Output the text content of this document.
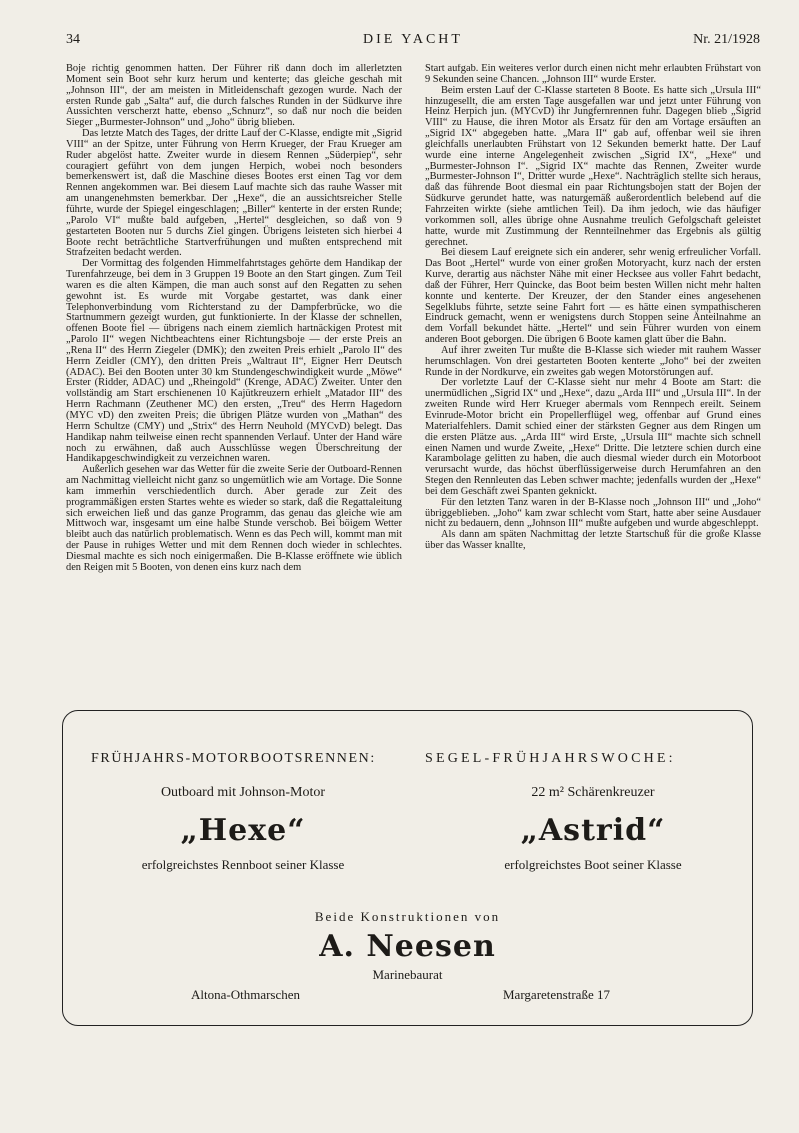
34	DIE YACHT	Nr. 21/1928

Boje richtig genommen hatten. Der Führer riß dann doch im allerletzten Moment sein Boot sehr kurz herum und kenterte; das gleiche geschah mit „Johnson III“, der am meisten in Mitleidenschaft gezogen wurde. Nach der ersten Runde gab „Salta“ auf, die durch falsches Runden in der Südkurve ihre Aussichten verscherzt hatte, ebenso „Schnurz“, so daß nur noch die beiden Sieger „Burmester-Johnson“ und „Joho“ übrig blieben.

Das letzte Match des Tages, der dritte Lauf der C-Klasse, endigte mit „Sigrid VIII“ an der Spitze, unter Führung von Herrn Krueger, der Frau Krueger am Ruder abgelöst hatte. Zweiter wurde in diesem Rennen „Süderpiep“, sehr couragiert geführt von dem jungen Herpich, wobei noch besonders bemerkenswert ist, daß die Maschine dieses Bootes erst einen Tag vor dem Rennen angekommen war. Bei diesem Lauf machte sich das rauhe Wasser mit am unangenehmsten bemerkbar. Der „Hexe“, die an aussichtsreicher Stelle führte, wurde der Spiegel eingeschlagen; „Biller“ kenterte in der ersten Runde; „Parolo VI“ mußte bald aufgeben, „Hertel“ desgleichen, so daß von 9 gestarteten Booten nur 5 durchs Ziel gingen. Übrigens leisteten sich hierbei 4 Boote recht beträchtliche Startverfrühungen und mußten entsprechend mit Strafzeiten bedacht werden.

Der Vormittag des folgenden Himmelfahrtstages gehörte dem Handikap der Turenfahrzeuge, bei dem in 3 Gruppen 19 Boote an den Start gingen. Zum Teil waren es die alten Kämpen, die man auch sonst auf den Regatten zu sehen gewohnt ist. Es wurde mit Vorgabe gestartet, was dank einer Telephonverbindung vom Richterstand zu der Dampferbrücke, wo die Startnummern gezeigt wurden, gut funktionierte. In der Klasse der schnellen, offenen Boote fiel — übrigens nach einem ziemlich hartnäckigen Protest mit „Parolo II“ wegen Nichtbeachtens einer Richtungsboje — der erste Preis an „Rena II“ des Herrn Ziegeler (DMK); den zweiten Preis erhielt „Parolo II“ des Herrn Zeidler (CMY), den dritten Preis „Waltraut II“, Eigner Herr Deutsch (ADAC). Bei den Booten unter 30 km Stundengeschwindigkeit wurde „Möwe“ Erster (Ridder, ADAC) und „Rheingold“ (Krenge, ADAC) Zweiter. Unter den vollständig am Start erschienenen 10 Kajütkreuzern erhielt „Matador III“ des Herrn Rachmann (Zeuthener MC) den ersten, „Treu“ des Herrn Hagedorn (MYC vD) den zweiten Preis; die übrigen Plätze wurden von „Mathan“ des Herrn Schultze (CMY) und „Strix“ des Herrn Neuhold (MYCvD) belegt. Das Handikap nahm teilweise einen recht spannenden Verlauf. Unter der Hand wäre noch zu erwähnen, daß auch Ausschlüsse wegen Überschreitung der Handikapgeschwindigkeit zu verzeichnen waren.

Außerlich gesehen war das Wetter für die zweite Serie der Outboard-Rennen am Nachmittag vielleicht nicht ganz so ungemütlich wie am Vortage. Die Sonne kam immerhin verschiedentlich durch. Aber gerade zur Zeit des programmäßigen ersten Startes wehte es wieder so stark, daß die Regattaleitung sich erweichen ließ und das ganze Programm, das genau das gleiche wie am Mittwoch war, insgesamt um eine halbe Stunde verschob. Bei böigem Wetter bleibt auch das natürlich problematisch. Wenn es das Pech will, kommt man mit der Pause in ruhiges Wetter und mit dem Rennen doch wieder in schlechtes. Diesmal machte es sich noch einigermaßen. Die B-Klasse eröffnete wie üblich den Reigen mit 5 Booten, von denen eins kurz nach dem

Start aufgab. Ein weiteres verlor durch einen nicht mehr erlaubten Frühstart von 9 Sekunden seine Chancen. „Johnson III“ wurde Erster.

Beim ersten Lauf der C-Klasse starteten 8 Boote. Es hatte sich „Ursula III“ hinzugesellt, die am ersten Tage ausgefallen war und jetzt unter Führung von Heinz Herpich jun. (MYCvD) ihr Jungfernrennen fuhr. Dagegen blieb „Sigrid VIII“ zu Hause, die ihren Motor als Ersatz für den am Vortage ersäuften an „Sigrid IX“ abgegeben hatte. „Mara II“ gab auf, offenbar weil sie ihren gleichfalls unerlaubten Frühstart von 12 Sekunden bemerkt hatte. Der Lauf wurde eine interne Angelegenheit zwischen „Sigrid IX“, „Hexe“ und „Burmester-Johnson I“. „Sigrid IX“ machte das Rennen, Zweiter wurde „Burmester-Johnson I“, Dritter wurde „Hexe“. Nachträglich stellte sich heraus, daß das führende Boot diesmal ein paar Richtungsbojen statt der Bojen der Südkurve gerundet hatte, was naturgemäß außerordentlich belebend auf die Fahrzeiten wirkte (siehe amtlichen Teil). Da ihm jedoch, wie das häufiger vorkommen soll, alles übrige ohne Ausnahme treulich Gefolgschaft geleistet hatte, wurde mit Zustimmung der Rennteilnehmer das Ergebnis als gültig gerechnet.

Bei diesem Lauf ereignete sich ein anderer, sehr wenig erfreulicher Vorfall. Das Boot „Hertel“ wurde von einer großen Motoryacht, kurz nach der ersten Kurve, derartig aus nächster Nähe mit einer Hecksee aus voller Fahrt bedacht, daß der Führer, Herr Quincke, das Boot beim besten Willen nicht mehr halten konnte und kenterte. Der Kreuzer, der den Stander eines angesehenen Segelklubs führte, setzte seine Fahrt fort — es hätte einen sympathischeren Eindruck gemacht, wenn er wenigstens durch Stoppen seine Anteilnahme an dem Vorfall bekundet hätte. „Hertel“ und sein Führer wurden von einem anderen Boot geborgen. Die übrigen 6 Boote kamen glatt über die Bahn.

Auf ihrer zweiten Tur mußte die B-Klasse sich wieder mit rauhem Wasser herumschlagen. Von drei gestarteten Booten kenterte „Joho“ bei der zweiten Runde in der Nordkurve, ein zweites gab wegen Motorstörungen auf.

Der vorletzte Lauf der C-Klasse sieht nur mehr 4 Boote am Start: die unermüdlichen „Sigrid IX“ und „Hexe“, dazu „Arda III“ und „Ursula III“. In der zweiten Runde wird Herr Krueger abermals vom Rennpech ereilt. Seinem Evinrude-Motor bricht ein Propellerflügel weg, offenbar auf Grund eines Materialfehlers. Damit schied einer der stärksten Gegner aus dem Ringen um die ersten Plätze aus. „Arda III“ wird Erste, „Ursula III“ machte sich schnell einen Namen und wurde Zweite, „Hexe“ Dritte. Die letztere schien durch eine Karambolage gelitten zu haben, die auch diesmal wieder durch ein Motorboot verursacht wurde, das höchst überflüssigerweise durch Herumfahren an den Stegen den Rennleuten das Leben schwer machte; jedenfalls wurden der „Hexe“ bei dem Geschäft zwei Spanten geknickt.

Für den letzten Tanz waren in der B-Klasse noch „Johnson III“ und „Joho“ übriggeblieben. „Joho“ kam zwar schlecht vom Start, hatte aber seine Ausdauer nicht zu bedauern, denn „Johnson III“ mußte aufgeben und wurde abgeschleppt.

Als dann am späten Nachmittag der letzte Startschuß für die große Klasse über das Wasser knallte,

FRÜHJAHRS-MOTORBOOTSRENNEN:	SEGEL-FRÜHJAHRSWOCHE:
Outboard mit Johnson-Motor	22 m² Schärenkreuzer
„Hexe“	„Astrid“
erfolgreichstes Rennboot seiner Klasse	erfolgreichstes Boot seiner Klasse
Beide Konstruktionen von
A. Neesen
Marinebaurat
Altona-Othmarschen	Margaretenstraße 17
